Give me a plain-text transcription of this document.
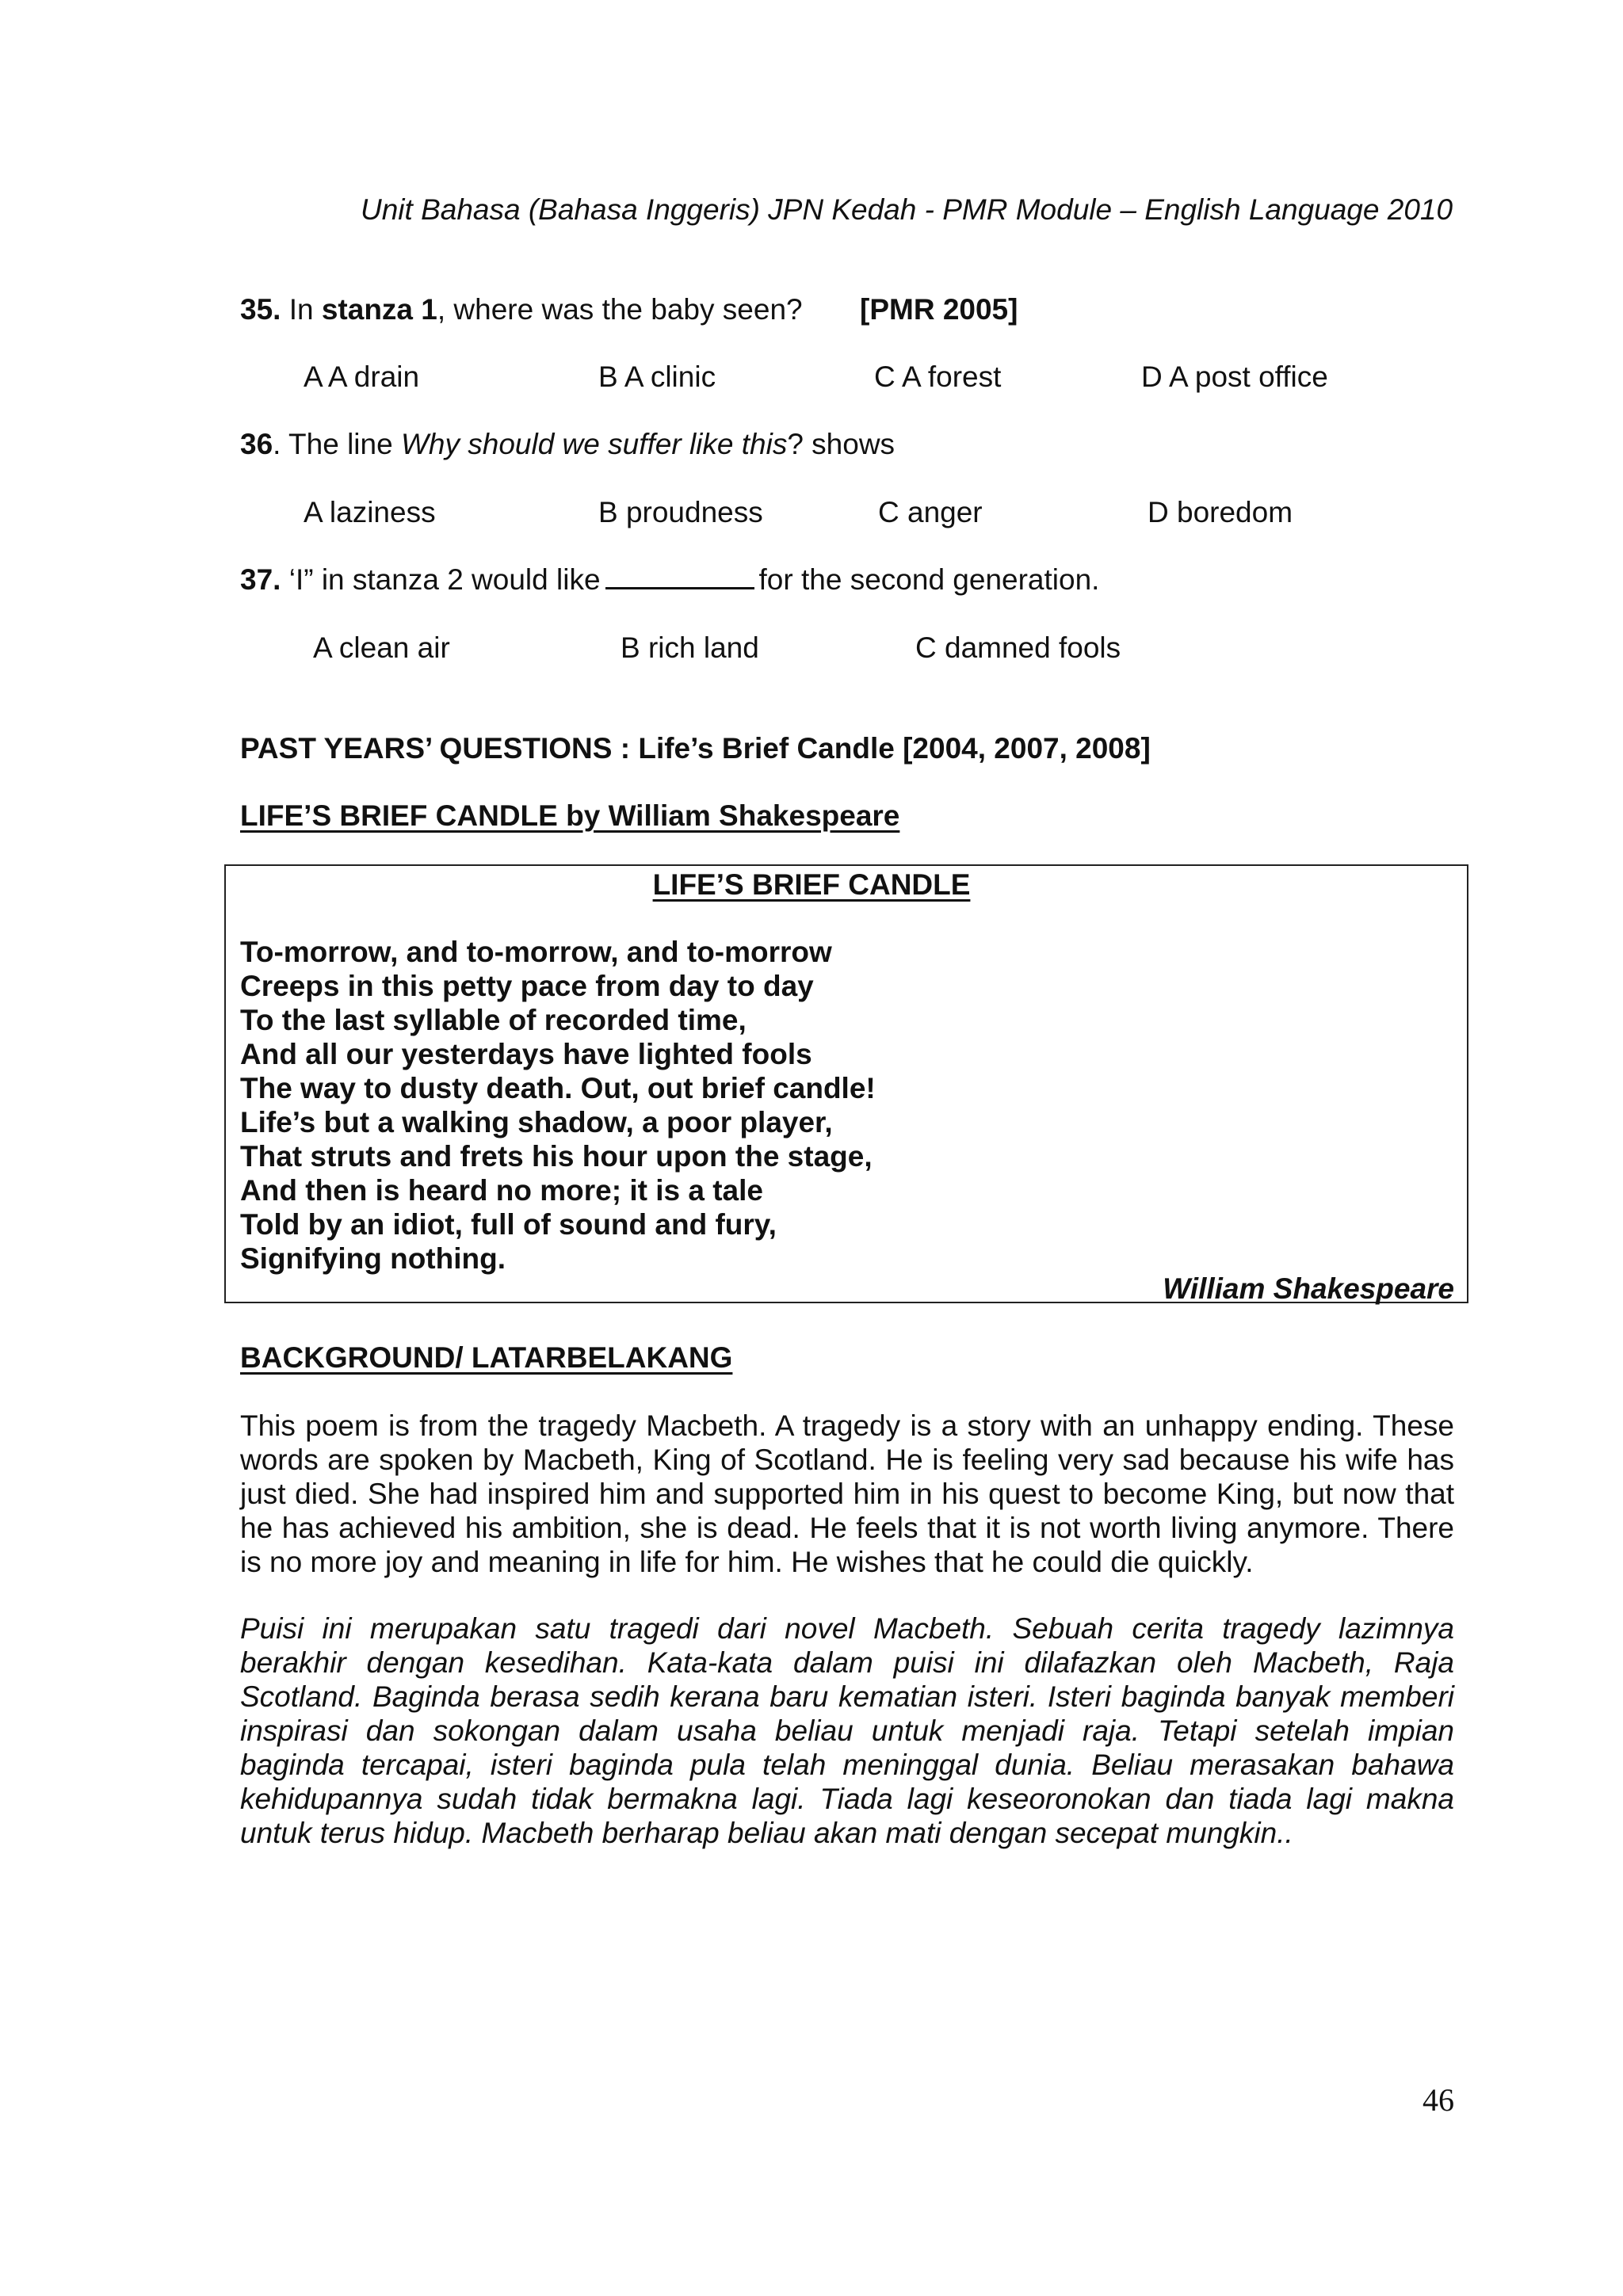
Unit Bahasa (Bahasa Inggeris) JPN Kedah - PMR Module – English Language 2010
35. In stanza 1, where was the baby seen? [PMR 2005]
A A drain	B A clinic	C A forest	D A post office
36. The line Why should we suffer like this? shows
A laziness	B proudness	C anger	D boredom
37. ‘I” in stanza 2 would like	for the second generation.
A clean air	B rich land	C damned fools
PAST YEARS’ QUESTIONS : Life’s Brief Candle [2004, 2007, 2008]
LIFE’S BRIEF CANDLE by William Shakespeare
LIFE’S BRIEF CANDLE
To-morrow, and to-morrow, and to-morrow
Creeps in this petty pace from day to day
To the last syllable of recorded time,
And all our yesterdays have lighted fools
The way to dusty death. Out, out brief candle!
Life’s but a walking shadow, a poor player,
That struts and frets his hour upon the stage,
And then is heard no more; it is a tale
Told by an idiot, full of sound and fury,
Signifying nothing.
William Shakespeare
BACKGROUND/ LATARBELAKANG
This poem is from the tragedy Macbeth. A tragedy is a story with an unhappy ending. These
words are spoken by Macbeth, King of Scotland. He is feeling very sad because his wife has
just died. She had inspired him and supported him in his quest to become King, but now that
he has achieved his ambition, she is dead. He feels that it is not worth living anymore. There
is no more joy and meaning in life for him. He wishes that he could die quickly.
Puisi ini merupakan satu tragedi dari novel Macbeth. Sebuah cerita tragedy lazimnya
berakhir dengan kesedihan. Kata-kata dalam puisi ini dilafazkan oleh Macbeth, Raja
Scotland. Baginda berasa sedih kerana baru kematian isteri. Isteri baginda banyak memberi
inspirasi dan sokongan dalam usaha beliau untuk menjadi raja. Tetapi setelah impian
baginda tercapai, isteri baginda pula telah meninggal dunia. Beliau merasakan bahawa
kehidupannya sudah tidak bermakna lagi. Tiada lagi keseoronokan dan tiada lagi makna
untuk terus hidup. Macbeth berharap beliau akan mati dengan secepat mungkin..
46
